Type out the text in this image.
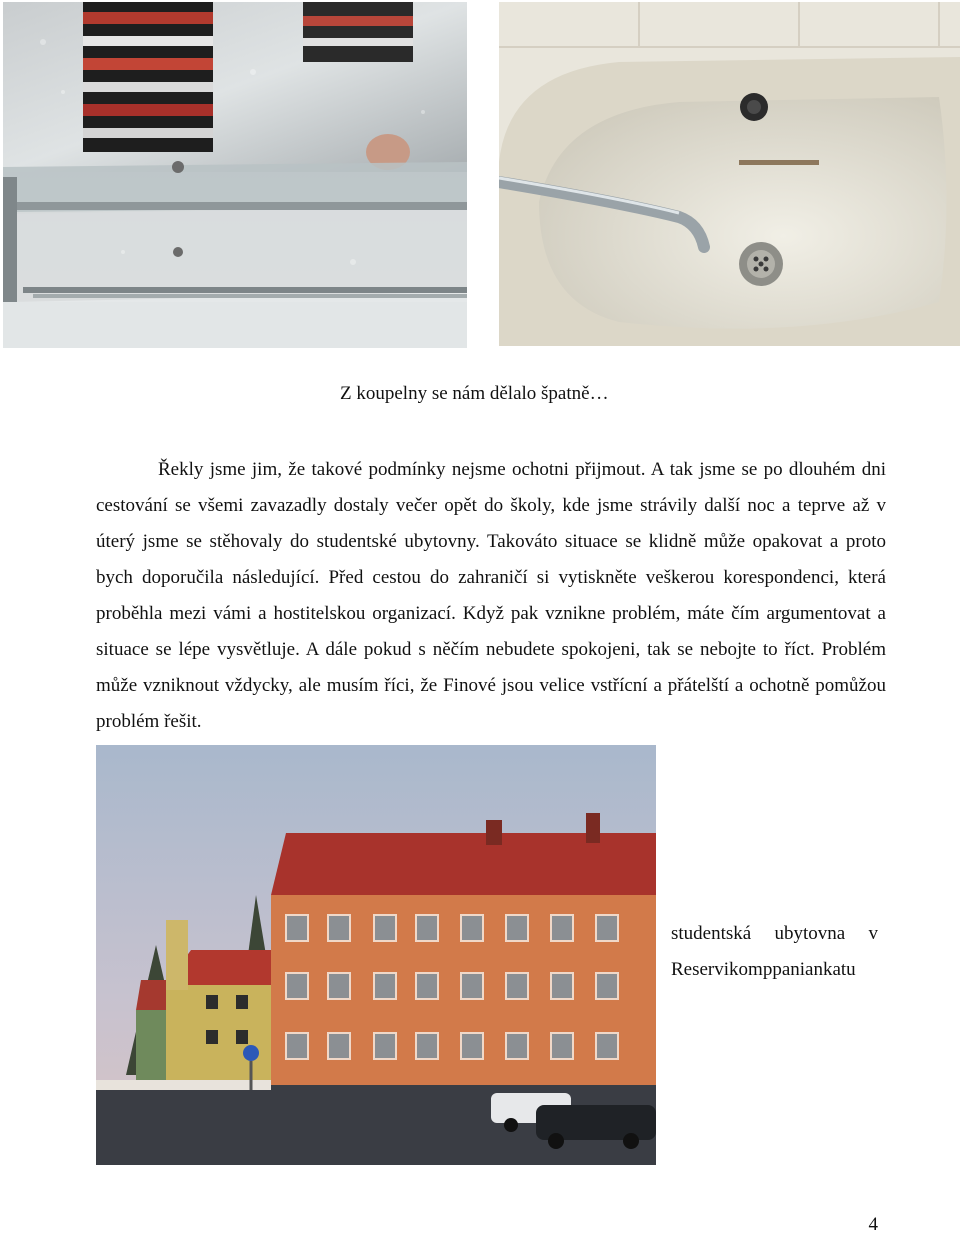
Z koupelny se nám dělalo špatně…

Řekly jsme jim, že takové podmínky nejsme ochotni přijmout. A tak jsme se po dlouhém dni cestování se všemi zavazadly dostaly večer opět do školy, kde jsme strávily další noc a teprve až v úterý jsme se stěhovaly do studentské ubytovny. Takováto situace se klidně může opakovat a proto bych doporučila následující. Před cestou do zahraničí si vytiskněte veškerou korespondenci, která proběhla mezi vámi a hostitelskou organizací. Když pak vznikne problém, máte čím argumentovat a situace se lépe vysvětluje. A dále pokud s něčím nebudete spokojeni, tak se nebojte to říct. Problém může vzniknout vždycky, ale musím říci, že Finové jsou velice vstřícní a přátelští a ochotně pomůžou problém řešit.

studentská ubytovna v
Reservikomppaniankatu
4
